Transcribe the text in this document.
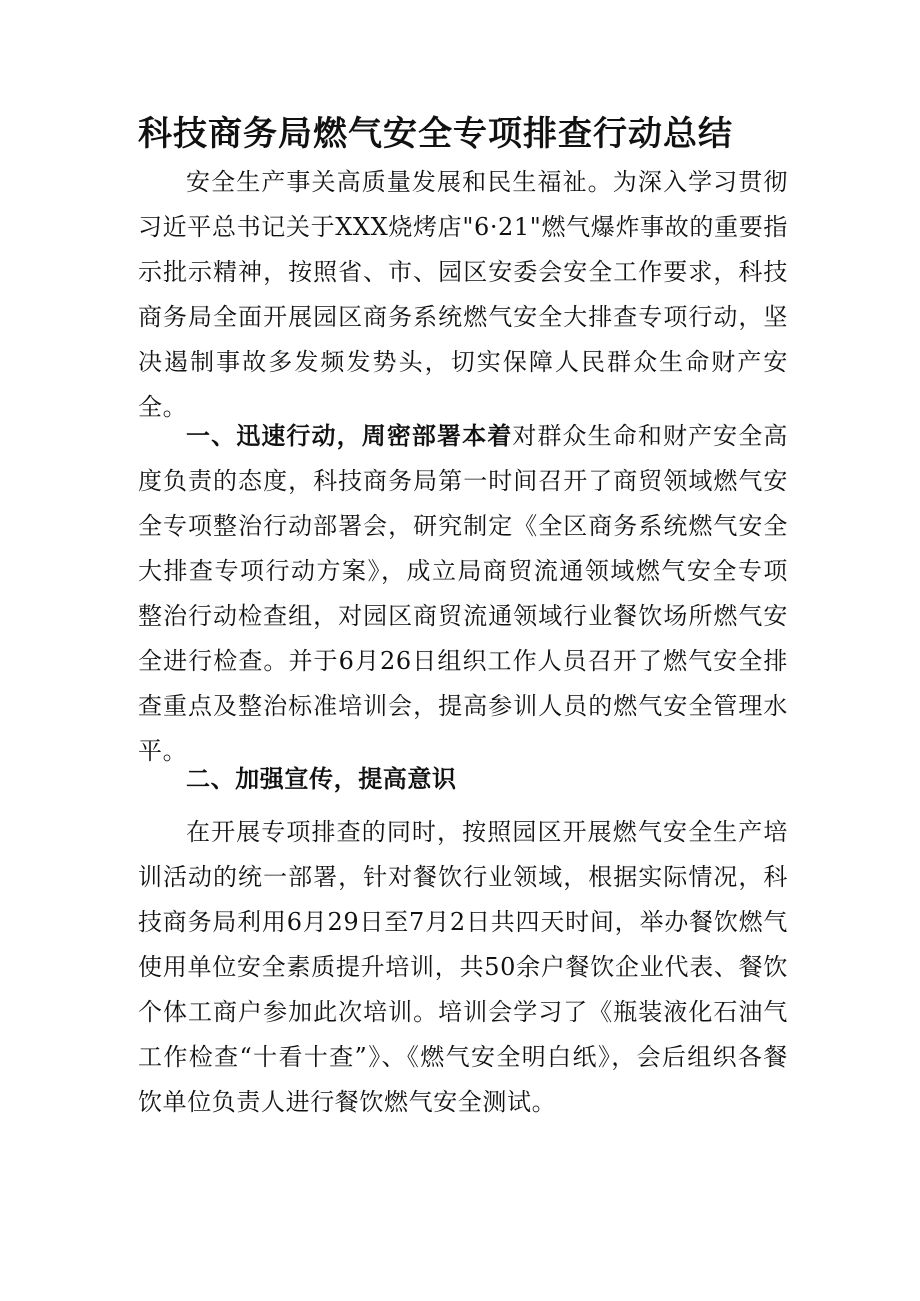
科技商务局燃气安全专项排查行动总结

安全生产事关高质量发展和民生福祉。为深入学习贯彻习近平总书记关于XXX烧烤店"6·21"燃气爆炸事故的重要指示批示精神，按照省、市、园区安委会安全工作要求，科技商务局全面开展园区商务系统燃气安全大排查专项行动，坚决遏制事故多发频发势头，切实保障人民群众生命财产安全。

一、迅速行动，周密部署本着对群众生命和财产安全高度负责的态度，科技商务局第一时间召开了商贸领域燃气安全专项整治行动部署会，研究制定《全区商务系统燃气安全大排查专项行动方案》，成立局商贸流通领域燃气安全专项整治行动检查组，对园区商贸流通领域行业餐饮场所燃气安全进行检查。并于6月26日组织工作人员召开了燃气安全排查重点及整治标准培训会，提高参训人员的燃气安全管理水平。

二、加强宣传，提高意识

在开展专项排查的同时，按照园区开展燃气安全生产培训活动的统一部署，针对餐饮行业领域，根据实际情况，科技商务局利用6月29日至7月2日共四天时间，举办餐饮燃气使用单位安全素质提升培训，共50余户餐饮企业代表、餐饮个体工商户参加此次培训。培训会学习了《瓶装液化石油气工作检查“十看十查”》、《燃气安全明白纸》，会后组织各餐饮单位负责人进行餐饮燃气安全测试。
